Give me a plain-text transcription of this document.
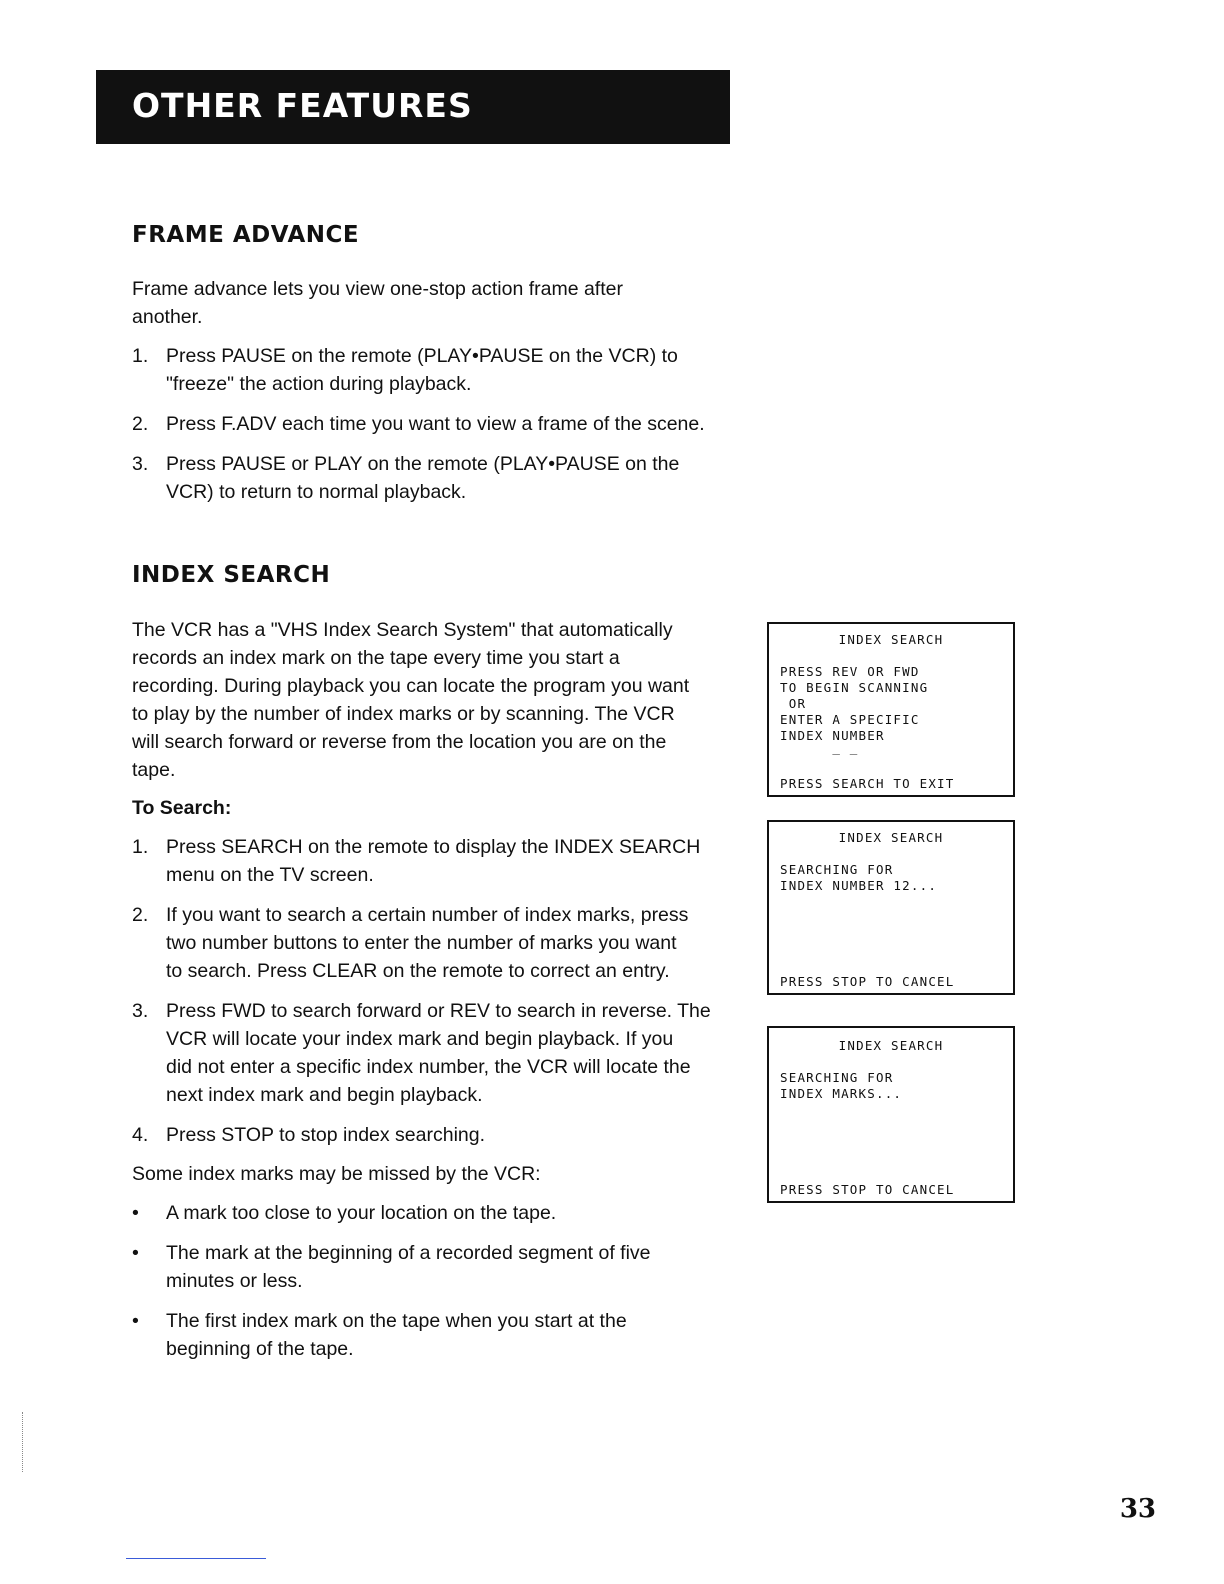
OTHER FEATURES
FRAME ADVANCE

Frame advance lets you view one-stop action frame after

another.

1. Press PAUSE on the remote (PLAY•PAUSE on the VCR) to
"freeze" the action during playback.
2. Press F.ADV each time you want to view a frame of the scene.
3. Press PAUSE or PLAY on the remote (PLAY•PAUSE on the
VCR) to return to normal playback.
INDEX SEARCH
The VCR has a "VHS Index Search System" that automatically
records an index mark on the tape every time you start a
recording. During playback you can locate the program you want
to play by the number of index marks or by scanning. The VCR
will search forward or reverse from the location you are on the
tape.

To Search:

1. Press SEARCH on the remote to display the INDEX SEARCH
menu on the TV screen.
2. If you want to search a certain number of index marks, press
two number buttons to enter the number of marks you want
to search. Press CLEAR on the remote to correct an entry.
3. Press FWD to search forward or REV to search in reverse. The
VCR will locate your index mark and begin playback. If you
did not enter a specific index number, the VCR will locate the
next index mark and begin playback.
4. Press STOP to stop index searching.

Some index marks may be missed by the VCR:

• A mark too close to your location on the tape.
• The mark at the beginning of a recorded segment of five
minutes or less.
• The first index mark on the tape when you start at the
beginning of the tape.
INDEX SEARCH
PRESS REV OR FWD
TO BEGIN SCANNING
OR
ENTER A SPECIFIC
INDEX NUMBER
_ _
PRESS SEARCH TO EXIT
INDEX SEARCH
SEARCHING FOR
INDEX NUMBER 12...
PRESS STOP TO CANCEL
INDEX SEARCH
SEARCHING FOR
INDEX MARKS...
PRESS STOP TO CANCEL
33
